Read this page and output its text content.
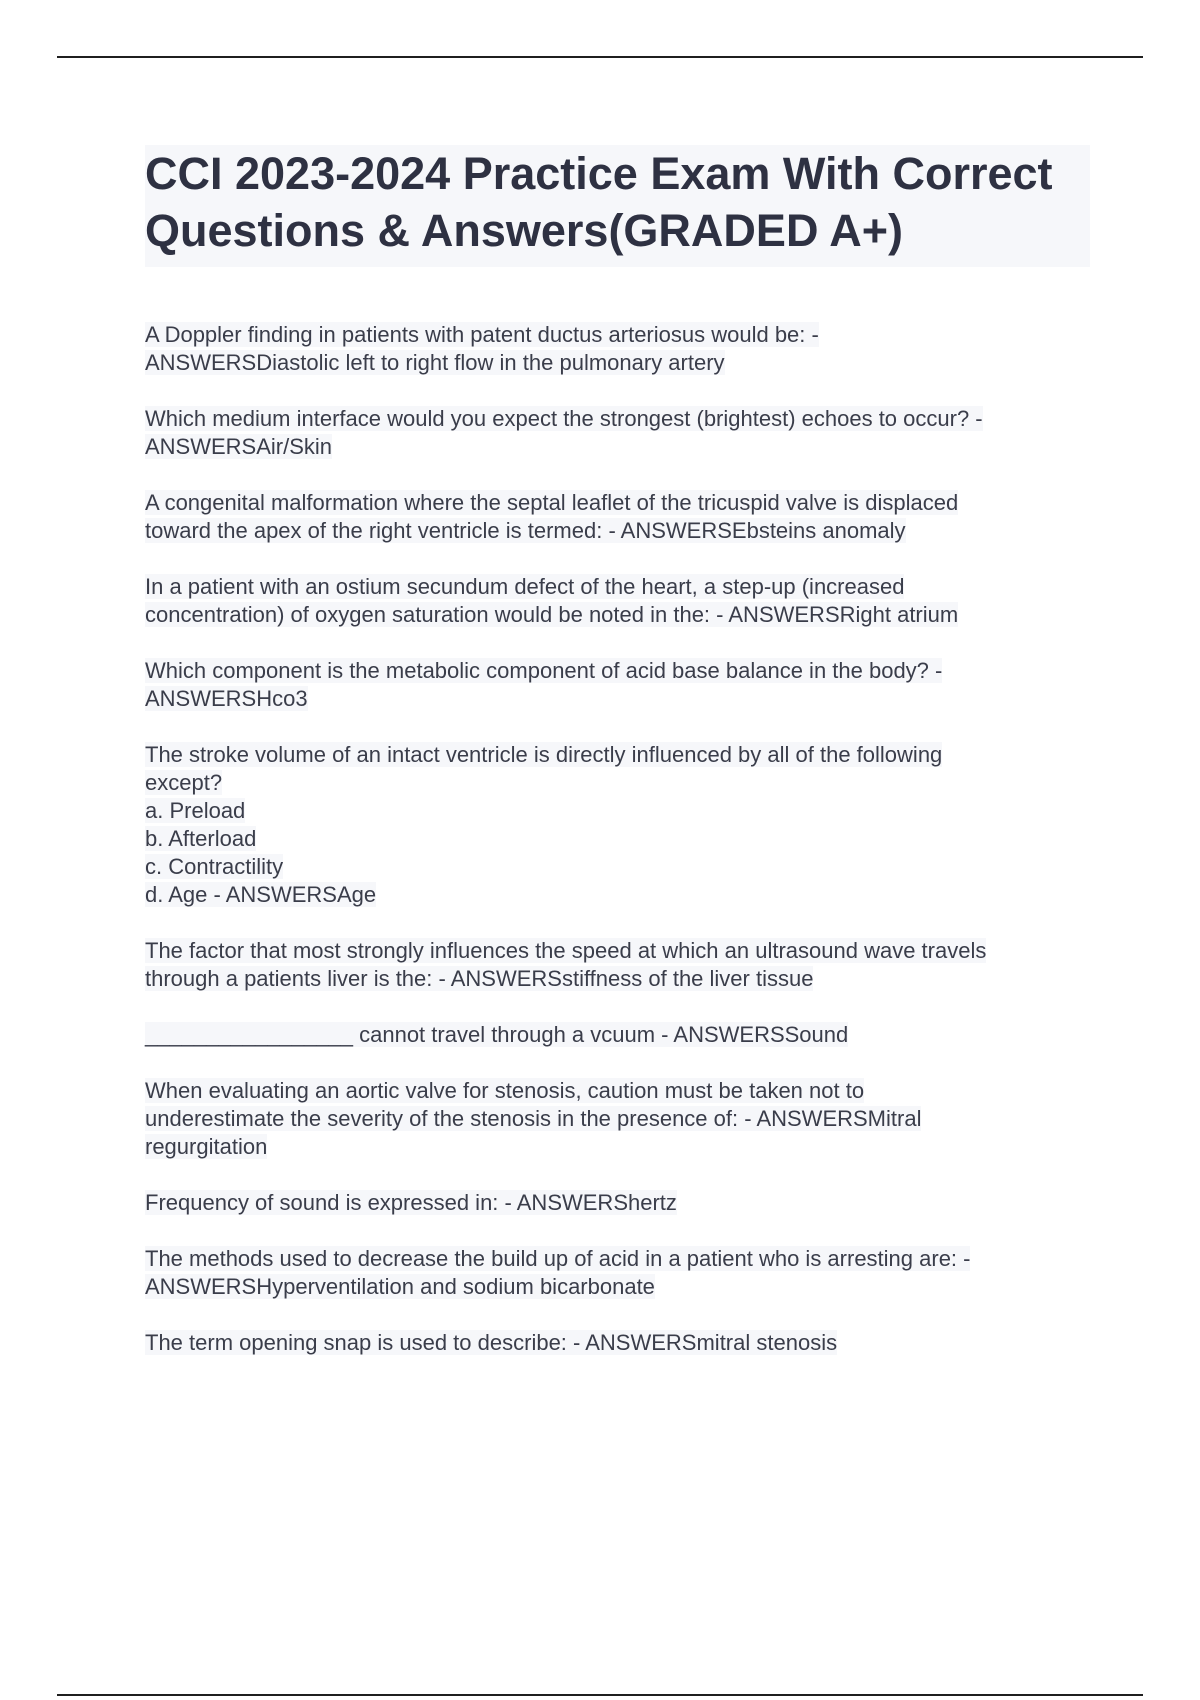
CCI 2023-2024 Practice Exam With Correct Questions & Answers(GRADED A+)
A Doppler finding in patients with patent ductus arteriosus would be: -
ANSWERSDiastolic left to right flow in the pulmonary artery
Which medium interface would you expect the strongest (brightest) echoes to occur? -
ANSWERSAir/Skin
A congenital malformation where the septal leaflet of the tricuspid valve is displaced
toward the apex of the right ventricle is termed: - ANSWERSEbsteins anomaly
In a patient with an ostium secundum defect of the heart, a step-up (increased
concentration) of oxygen saturation would be noted in the: - ANSWERSRight atrium
Which component is the metabolic component of acid base balance in the body? -
ANSWERSHco3
The stroke volume of an intact ventricle is directly influenced by all of the following
except?
a. Preload
b. Afterload
c. Contractility
d. Age - ANSWERSAge
The factor that most strongly influences the speed at which an ultrasound wave travels
through a patients liver is the: - ANSWERSstiffness of the liver tissue
_________________ cannot travel through a vcuum - ANSWERSSound
When evaluating an aortic valve for stenosis, caution must be taken not to
underestimate the severity of the stenosis in the presence of: - ANSWERSMitral
regurgitation
Frequency of sound is expressed in: - ANSWERShertz
The methods used to decrease the build up of acid in a patient who is arresting are: -
ANSWERSHyperventilation and sodium bicarbonate
The term opening snap is used to describe: - ANSWERSmitral stenosis
